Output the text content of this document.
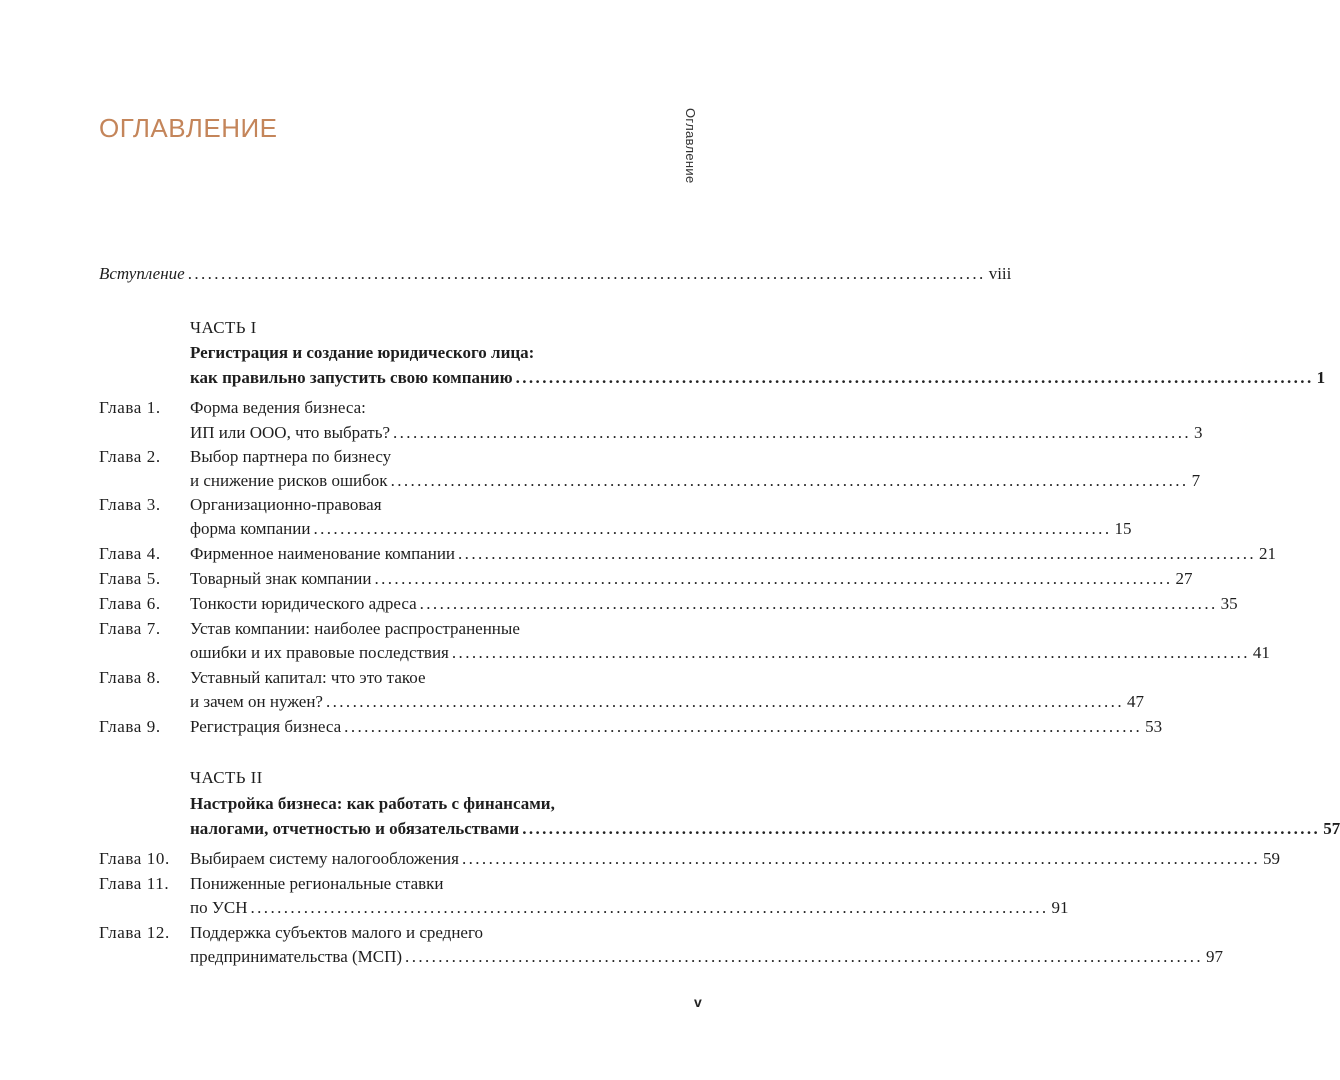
ОГЛАВЛЕНИЕ	Оглавление
Вступление ........................................................................................................................ viii
ЧАСТЬ I
Регистрация и создание юридического лица:
как правильно запустить свою компанию ........................................................................................................................ 1
Глава 1. Форма ведения бизнеса:
ИП или ООО, что выбрать? ........................................................................................................................ 3
Глава 2. Выбор партнера по бизнесу
и снижение рисков ошибок ........................................................................................................................ 7
Глава 3. Организационно-правовая
форма компании ........................................................................................................................ 15
Глава 4. Фирменное наименование компании ........................................................................................................................ 21
Глава 5. Товарный знак компании ........................................................................................................................ 27
Глава 6. Тонкости юридического адреса ........................................................................................................................ 35
Глава 7. Устав компании: наиболее распространенные
ошибки и их правовые последствия ........................................................................................................................ 41
Глава 8. Уставный капитал: что это такое
и зачем он нужен? ........................................................................................................................ 47
Глава 9. Регистрация бизнеса ........................................................................................................................ 53
ЧАСТЬ II
Настройка бизнеса: как работать с финансами,
налогами, отчетностью и обязательствами ........................................................................................................................ 57
Глава 10. Выбираем систему налогообложения ........................................................................................................................ 59
Глава 11. Пониженные региональные ставки
по УСН ........................................................................................................................ 91
Глава 12. Поддержка субъектов малого и среднего
предпринимательства (МСП) ........................................................................................................................ 97
v
